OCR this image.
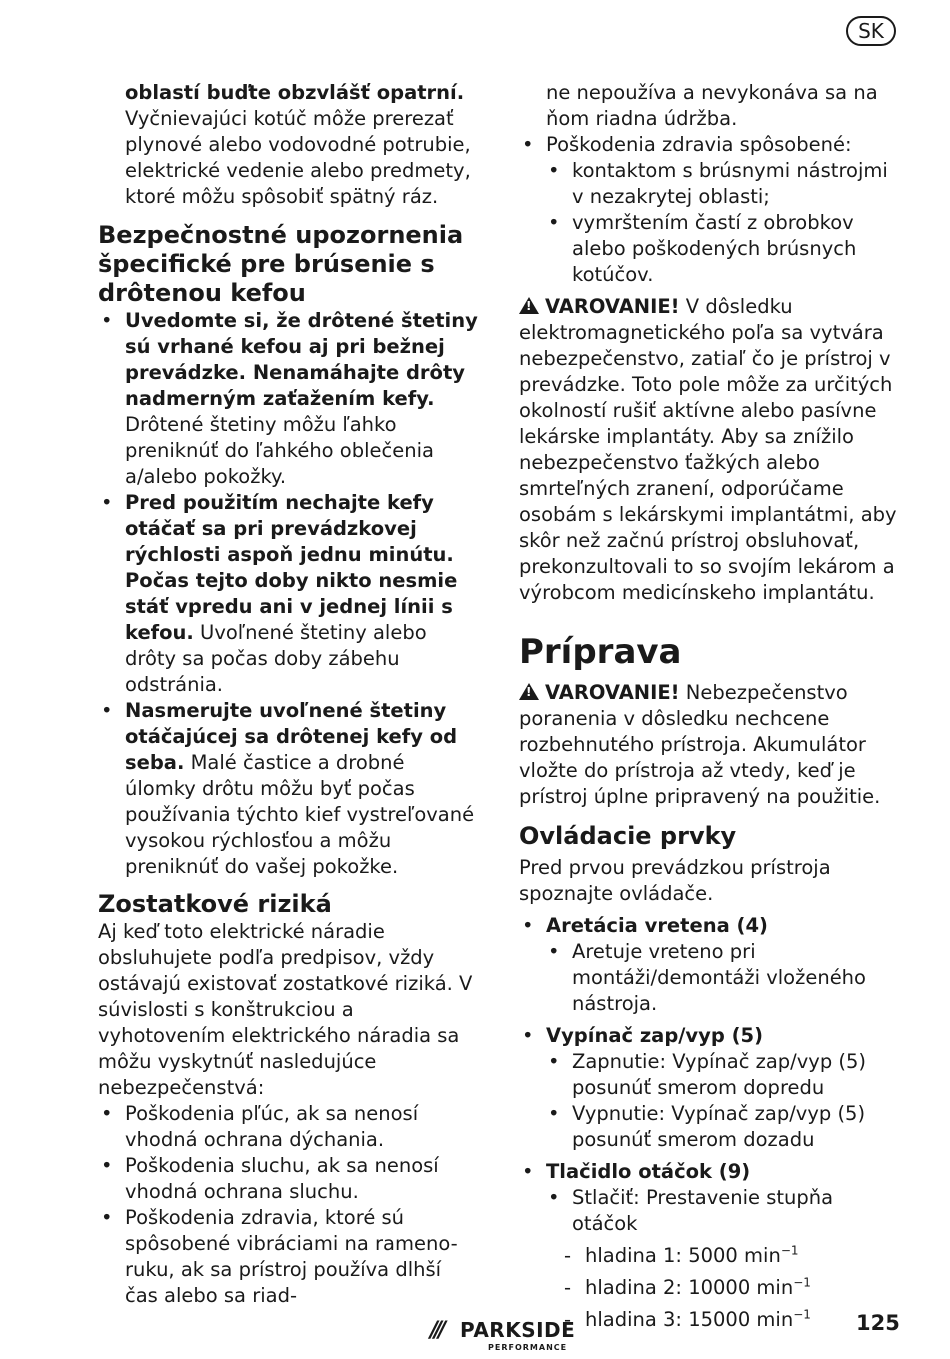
SK

oblastí buďte obzvlášť opatrní. Vyčnievajúci kotúč môže prerezať plynové alebo vodovodné potrubie, elektrické vedenie alebo predmety, ktoré môžu spôsobiť spätný ráz.

Bezpečnostné upozornenia špecifické pre brúsenie s drôtenou kefou

• Uvedomte si, že drôtené štetiny sú vrhané kefou aj pri bežnej prevádzke. Nenamáhajte drôty nadmerným zaťažením kefy. Drôtené štetiny môžu ľahko preniknúť do ľahkého oblečenia a/alebo pokožky.

• Pred použitím nechajte kefy otáčať sa pri prevádzkovej rýchlosti aspoň jednu minútu. Počas tejto doby nikto nesmie stáť vpredu ani v jednej línii s kefou. Uvoľnené štetiny alebo drôty sa počas doby zábehu odstránia.

• Nasmerujte uvoľnené štetiny otáčajúcej sa drôtenej kefy od seba. Malé častice a drobné úlomky drôtu môžu byť počas používania týchto kief vystreľované vysokou rýchlosťou a môžu preniknúť do vašej pokožke.

Zostatkové riziká

Aj keď toto elektrické náradie obsluhujete podľa predpisov, vždy ostávajú existovať zostatkové riziká. V súvislosti s konštrukciou a vyhotovením elektrického náradia sa môžu vyskytnúť nasledujúce nebezpečenstvá:

• Poškodenia pľúc, ak sa nenosí vhodná ochrana dýchania.

• Poškodenia sluchu, ak sa nenosí vhodná ochrana sluchu.

• Poškodenia zdravia, ktoré sú spôsobené vibráciami na rameno-ruku, ak sa prístroj používa dlhší čas alebo sa riad-

ne nepoužíva a nevykonáva sa na ňom riadna údržba.

• Poškodenia zdravia spôsobené:

• kontaktom s brúsnymi nástrojmi v nezakrytej oblasti;

• vymrštením častí z obrobkov alebo poškodených brúsnych kotúčov.

!VAROVANIE! V dôsledku elektromagnetického poľa sa vytvára nebezpečenstvo, zatiaľ čo je prístroj v prevádzke. Toto pole môže za určitých okolností rušiť aktívne alebo pasívne lekárske implantáty. Aby sa znížilo nebezpečenstvo ťažkých alebo smrteľných zranení, odporúčame osobám s lekárskymi implantátmi, aby skôr než začnú prístroj obsluhovať, prekonzultovali to so svojím lekárom a výrobcom medicínskeho implantátu.

Príprava

!VAROVANIE! Nebezpečenstvo poranenia v dôsledku nechcene rozbehnutého prístroja. Akumulátor vložte do prístroja až vtedy, keď je prístroj úplne pripravený na použitie.

Ovládacie prvky

Pred prvou prevádzkou prístroja spoznajte ovládače.

• Aretácia vretena (4)

• Aretuje vreteno pri montáži/demontáži vloženého nástroja.

• Vypínač zap/vyp (5)

• Zapnutie: Vypínač zap/vyp (5) posunúť smerom dopredu

• Vypnutie: Vypínač zap/vyp (5) posunúť smerom dozadu

• Tlačidlo otáčok (9)

• Stlačiť: Prestavenie stupňa otáčok

- hladina 1: 5000 $\min^{-1}$

- hladina 2: 10000 $\min^{-1}$

- hladina 3: 15000 $\min^{-1}$

/// PARKSIDE
PERFORMANCE
125
